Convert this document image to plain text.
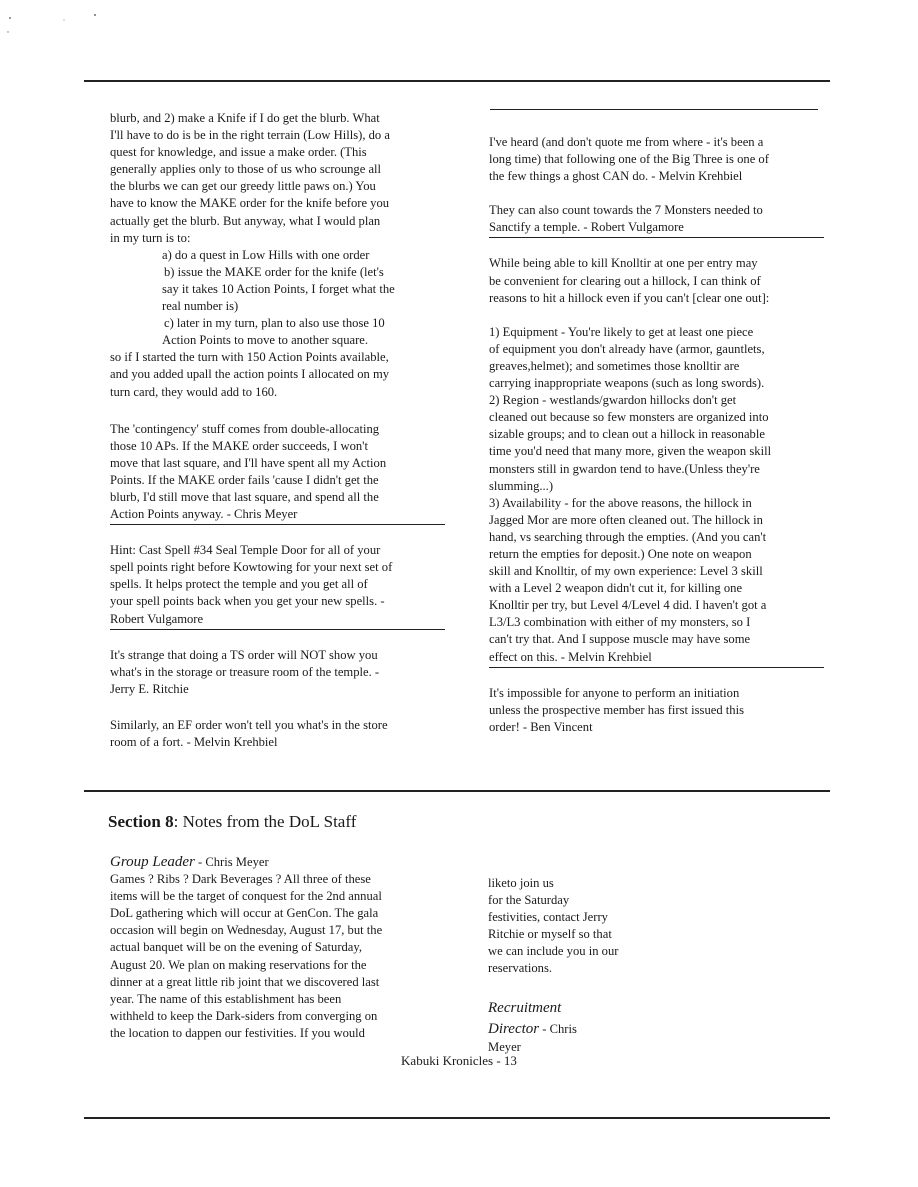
blurb, and 2) make a Knife if I do get the blurb. What

I'll have to do is be in the right terrain (Low Hills), do a

quest for knowledge, and issue a make order. (This

generally applies only to those of us who scrounge all

the blurbs we can get our greedy little paws on.) You

have to know the MAKE order for the knife before you

actually get the blurb. But anyway, what I would plan

in my turn is to:

a) do a quest in Low Hills with one order

b) issue the MAKE order for the knife (let's

say it takes 10 Action Points, I forget what the

real number is)

c) later in my turn, plan to also use those 10

Action Points to move to another square.

so if I started the turn with 150 Action Points available,

and you added upall the action points I allocated on my

turn card, they would add to 160.

The 'contingency' stuff comes from double-allocating

those 10 APs. If the MAKE order succeeds, I won't

move that last square, and I'll have spent all my Action

Points. If the MAKE order fails 'cause I didn't get the

blurb, I'd still move that last square, and spend all the

Action Points anyway. - Chris Meyer

Hint: Cast Spell #34 Seal Temple Door for all of your

spell points right before Kowtowing for your next set of

spells. It helps protect the temple and you get all of

your spell points back when you get your new spells. -

Robert Vulgamore

It's strange that doing a TS order will NOT show you

what's in the storage or treasure room of the temple. -

Jerry E. Ritchie

Similarly, an EF order won't tell you what's in the store

room of a fort. - Melvin Krehbiel

I've heard (and don't quote me from where - it's been a

long time) that following one of the Big Three is one of

the few things a ghost CAN do. - Melvin Krehbiel

They can also count towards the 7 Monsters needed to

Sanctify a temple. - Robert Vulgamore

While being able to kill Knolltir at one per entry may

be convenient for clearing out a hillock, I can think of

reasons to hit a hillock even if you can't [clear one out]:

1) Equipment - You're likely to get at least one piece

of equipment you don't already have (armor, gauntlets,

greaves,helmet); and sometimes those knolltir are

carrying inappropriate weapons (such as long swords).

2) Region - westlands/gwardon hillocks don't get

cleaned out because so few monsters are organized into

sizable groups; and to clean out a hillock in reasonable

time you'd need that many more, given the weapon skill

monsters still in gwardon tend to have.(Unless they're

slumming...)

3) Availability - for the above reasons, the hillock in

Jagged Mor are more often cleaned out. The hillock in

hand, vs searching through the empties. (And you can't

return the empties for deposit.) One note on weapon

skill and Knolltir, of my own experience: Level 3 skill

with a Level 2 weapon didn't cut it, for killing one

Knolltir per try, but Level 4/Level 4 did. I haven't got a

L3/L3 combination with either of my monsters, so I

can't try that. And I suppose muscle may have some

effect on this. - Melvin Krehbiel

It's impossible for anyone to perform an initiation

unless the prospective member has first issued this

order! - Ben Vincent

Section 8: Notes from the DoL Staff

Group Leader - Chris Meyer

Games ? Ribs ? Dark Beverages ? All three of these

items will be the target of conquest for the 2nd annual

DoL gathering which will occur at GenCon. The gala

occasion will begin on Wednesday, August 17, but the

actual banquet will be on the evening of Saturday,

August 20. We plan on making reservations for the

dinner at a great little rib joint that we discovered last

year. The name of this establishment has been

withheld to keep the Dark-siders from converging on

the location to dappen our festivities. If you would

liketo join us

for the Saturday

festivities, contact Jerry

Ritchie or myself so that

we can include you in our

reservations.

Recruitment

Director - Chris

Meyer

Kabuki Kronicles - 13
